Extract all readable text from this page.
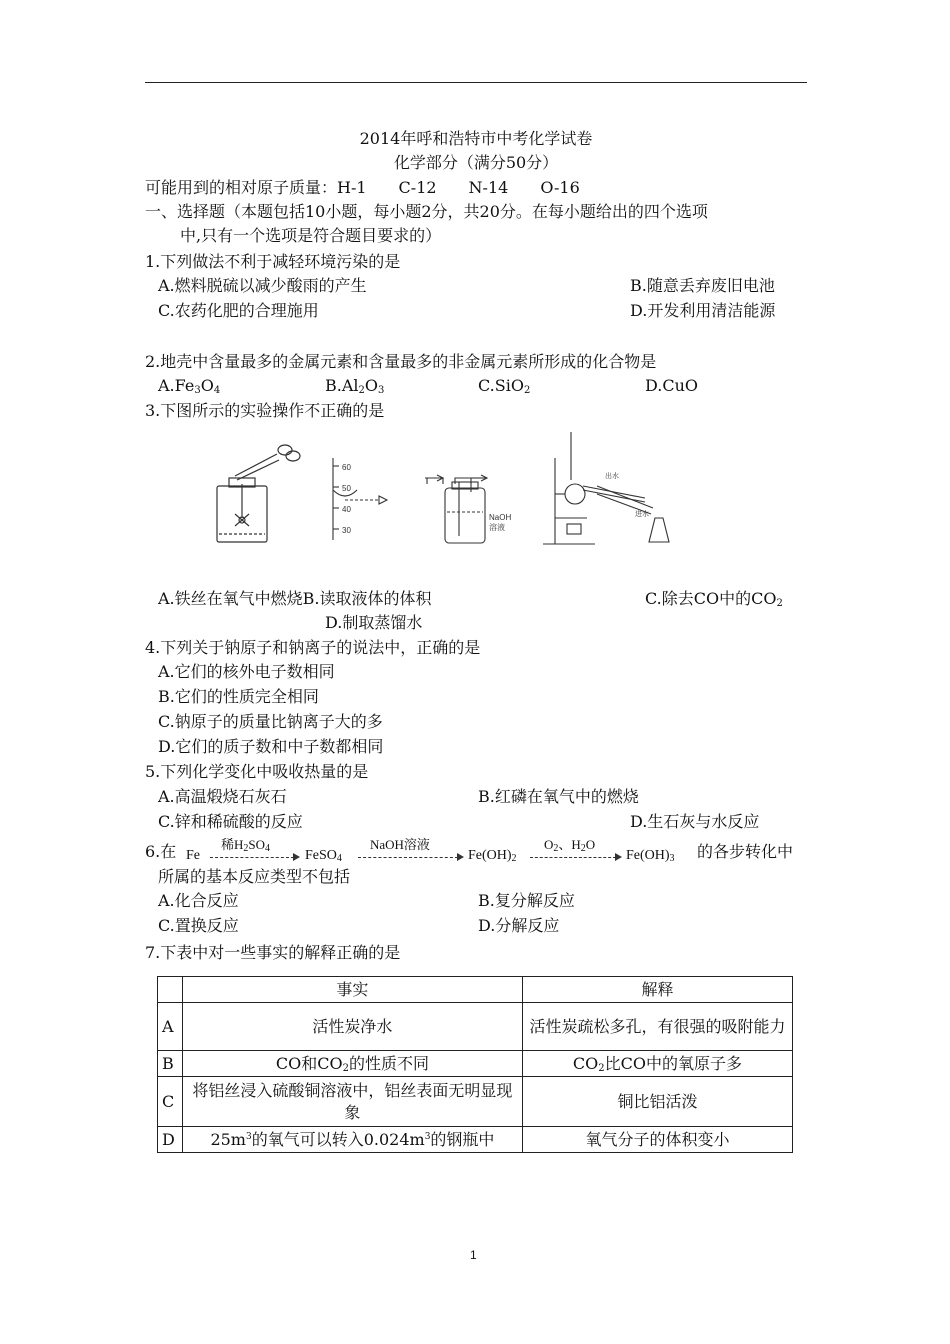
2014年呼和浩特市中考化学试卷
化学部分（满分50分）
可能用到的相对原子质量：H-1　　C-12　　N-14　　O-16
一、选择题（本题包括10小题，每小题2分，共20分。在每小题给出的四个选项
中,只有一个选项是符合题目要求的）
1.下列做法不利于减轻环境污染的是
A.燃料脱硫以减少酸雨的产生	B.随意丢弃废旧电池
C.农药化肥的合理施用	D.开发利用清洁能源
2.地壳中含量最多的金属元素和含量最多的非金属元素所形成的化合物是
$A.Fe_3O_4$	$B.Al_2O_3$	C.SiO$_2$	D.CuO
3.下图所示的实验操作不正确的是
60
50
40
30
NaOH
溶液
出水
进水
A.铁丝在氧气中燃烧B.读取液体的体积	C.除去CO中的$CO_2$
D.制取蒸馏水
4.下列关于钠原子和钠离子的说法中，正确的是
A.它们的核外电子数相同
B.它们的性质完全相同
C.钠原子的质量比钠离子大的多
D.它们的质子数和中子数都相同
5.下列化学变化中吸收热量的是
A.高温煅烧石灰石	B.红磷在氧气中的燃烧
C.锌和稀硫酸的反应	D.生石灰与水反应
6.在 Fe
稀$H_2SO_4$ FeSO$_4$
NaOH溶液
$Fe(OH)_2$
$O_2$、$H_2O$
$Fe(OH)_3$ 的各步转化中
所属的基本反应类型不包括
A.化合反应	B.复分解反应
C.置换反应	D.分解反应
7.下表中对一些事实的解释正确的是
	事实	解释
A	活性炭净水	活性炭疏松多孔，有很强的吸附能力
B	CO和$CO_2$的性质不同	$CO_2$比CO中的氧原子多
C	将铝丝浸入硫酸铜溶液中，铝丝表面无明显现象	铜比铝活泼
D	$25m^3$的氧气可以转入$0.024m^3$的钢瓶中	氧气分子的体积变小
1
